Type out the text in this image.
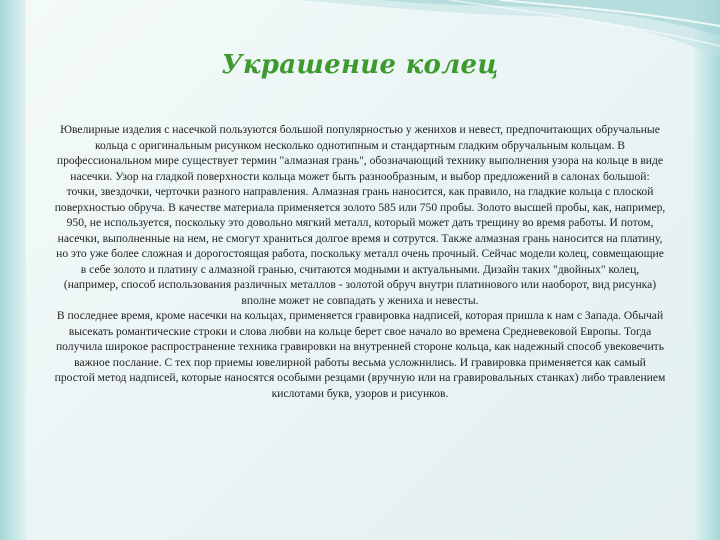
Украшение колец

Ювелирные изделия с насечкой пользуются большой популярностью у женихов и невест, предпочитающих обручальные кольца с оригинальным рисунком несколько однотипным и стандартным гладким обручальным кольцам. В профессиональном мире существует термин "алмазная грань", обозначающий технику выполнения узора на кольце в виде насечки. Узор на гладкой поверхности кольца может быть разнообразным, и выбор предложений в салонах большой: точки, звездочки, черточки разного направления. Алмазная грань наносится, как правило, на гладкие кольца с плоской поверхностью обруча. В качестве материала применяется золото 585 или 750 пробы. Золото высшей пробы, как, например, 950, не используется, поскольку это довольно мягкий металл, который может дать трещину во время работы. И потом, насечки, выполненные на нем, не смогут храниться долгое время и сотрутся. Также алмазная грань наносится на платину, но это уже более сложная и дорогостоящая работа, поскольку металл очень прочный. Сейчас модели колец, совмещающие в себе золото и платину с алмазной гранью, считаются модными и актуальными. Дизайн таких "двойных" колец, (например, способ использования различных металлов - золотой обруч внутри платинового или наоборот, вид рисунка) вполне может не совпадать у жениха и невесты.

В последнее время, кроме насечки на кольцах, применяется гравировка надписей, которая пришла к нам с Запада. Обычай высекать романтические строки и слова любви на кольце берет свое начало во времена Средневековой Европы. Тогда получила широкое распространение техника гравировки на внутренней стороне кольца, как надежный способ увековечить важное послание. С тех пор приемы ювелирной работы весьма усложнились. И гравировка применяется как самый простой метод надписей, которые наносятся особыми резцами (вручную или на гравировальных станках) либо травлением кислотами букв, узоров и рисунков.
